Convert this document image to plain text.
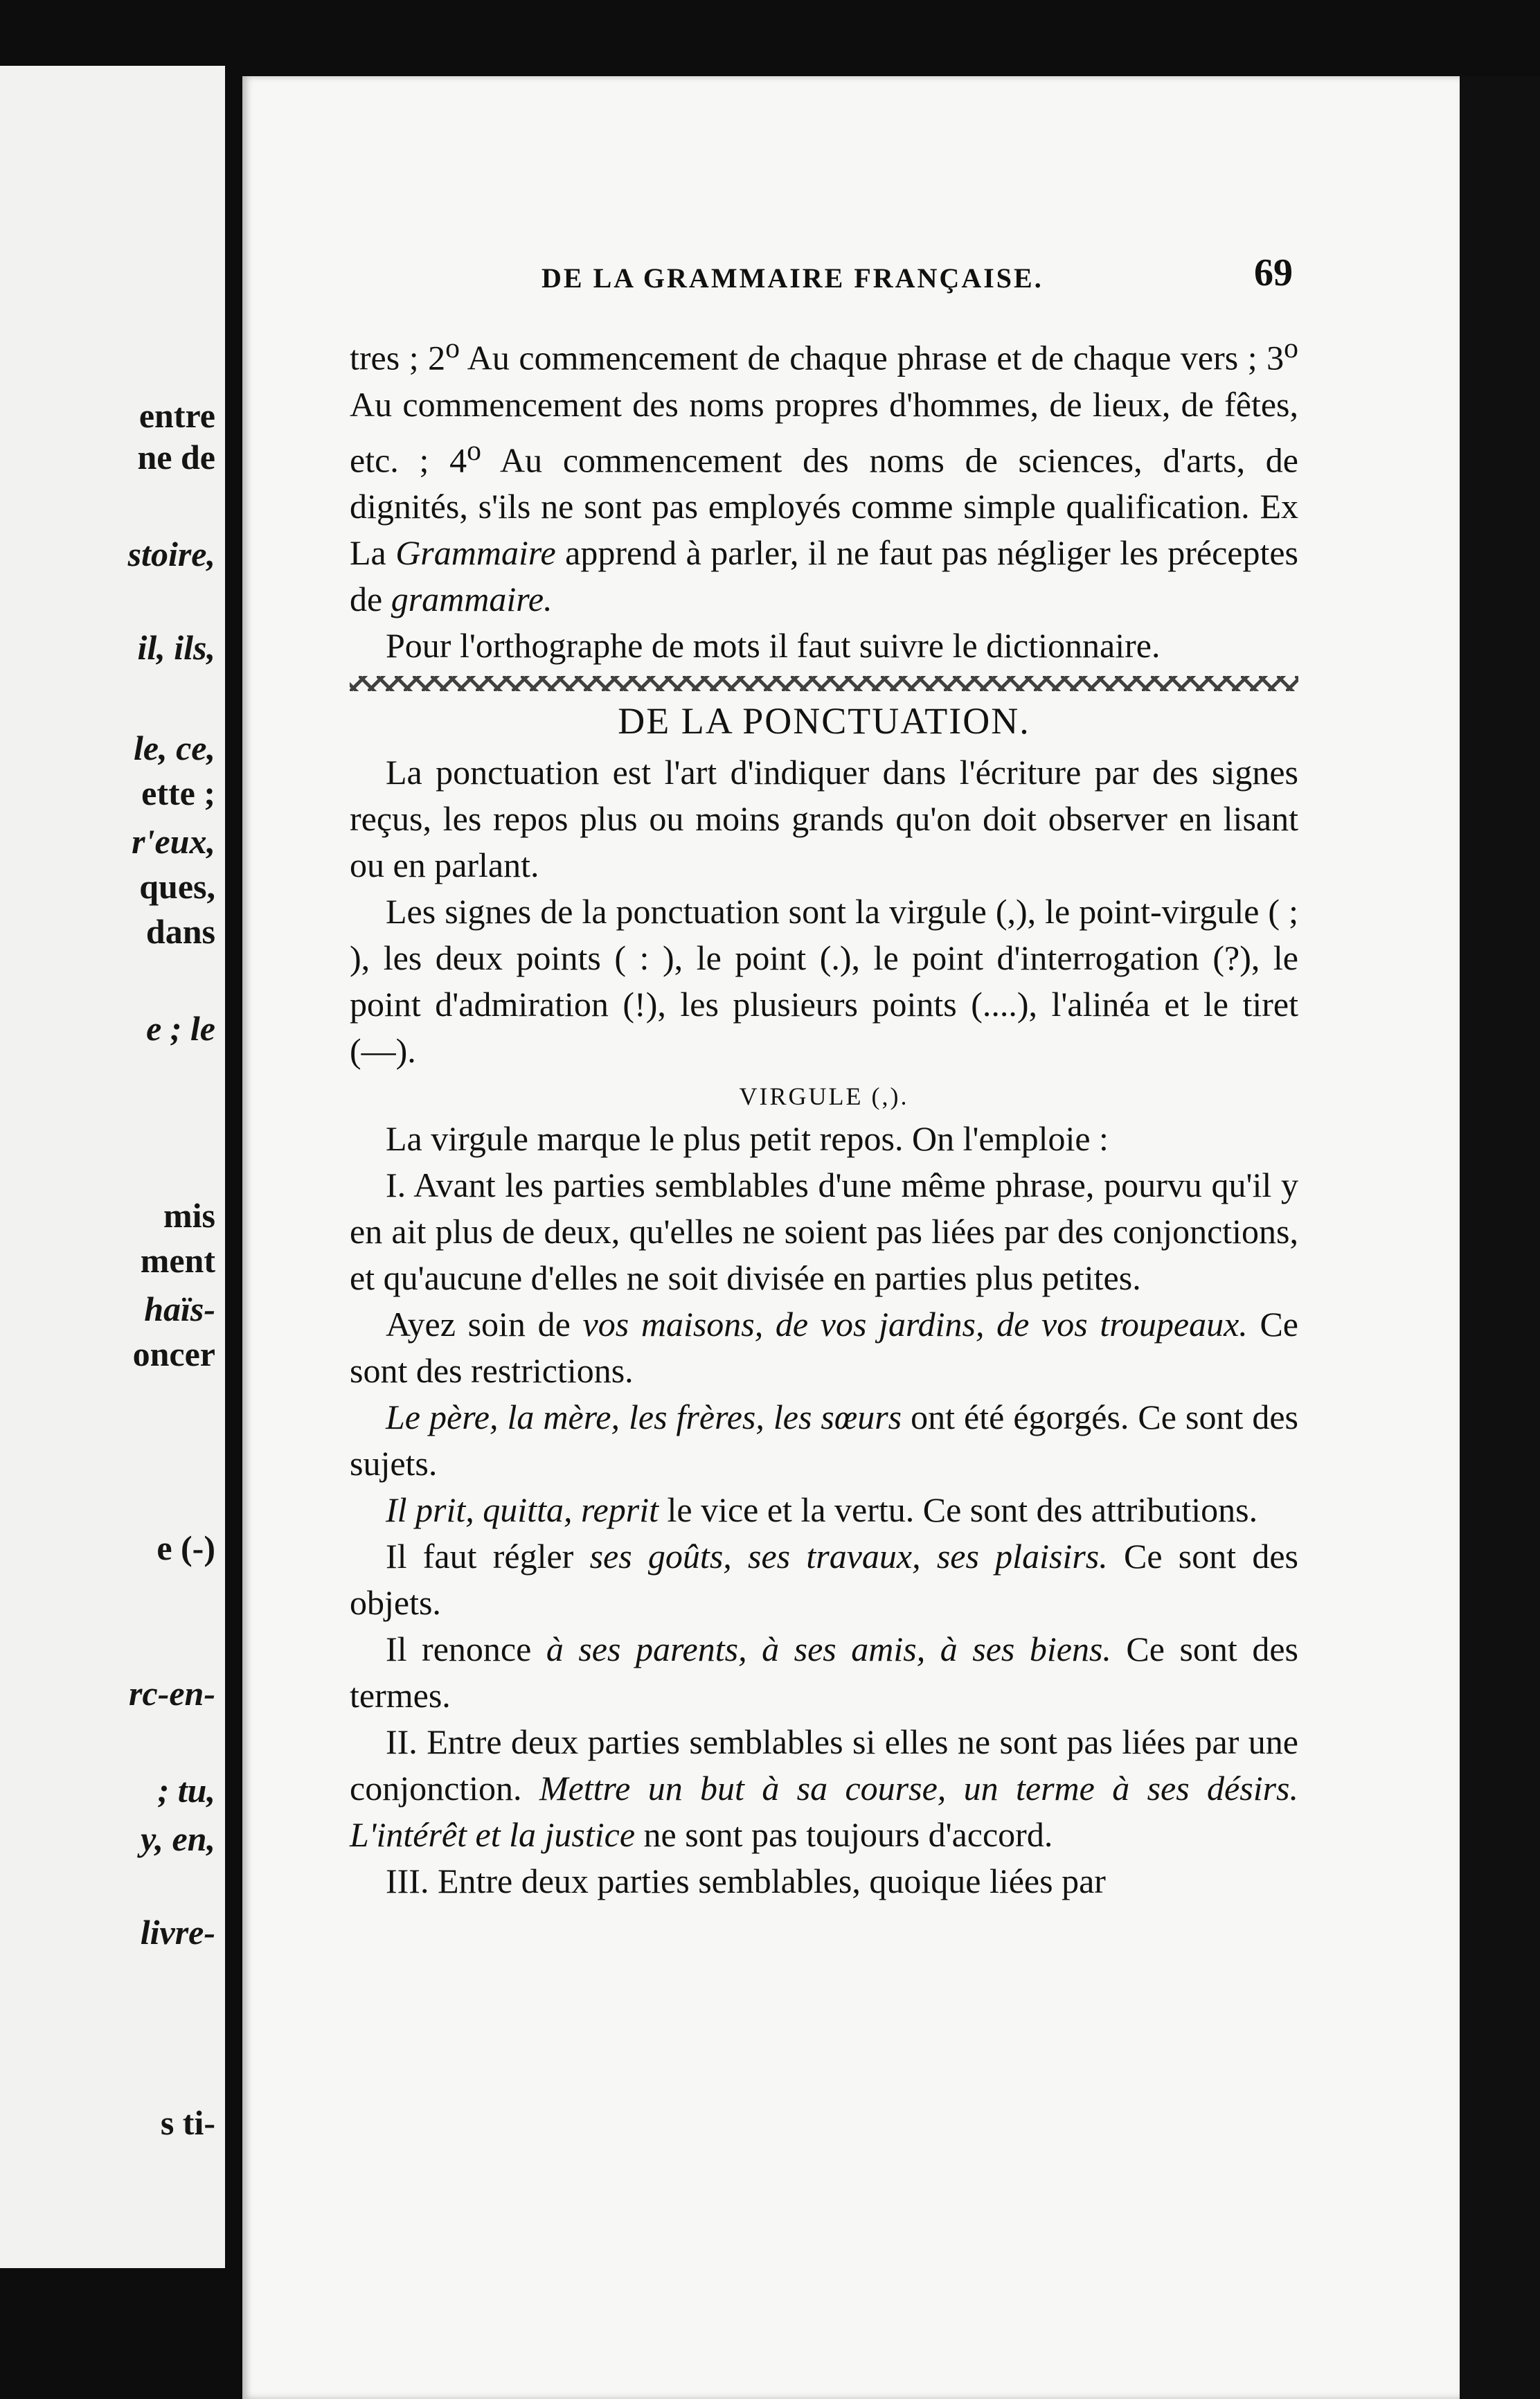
entre
ne de
stoire,
il, ils,
le, ce,
ette ;
r'eux,
ques,
dans
e ; le
mis
ment
haïs-
oncer
e (-)
rc-en-
; tu,
y, en,
livre-
s ti-
DE LA GRAMMAIRE FRANÇAISE.	69

tres ; 2$^o$ Au commencement de chaque phrase et de chaque vers ; 3$^o$ Au commencement des noms propres d'hommes, de lieux, de fêtes, etc. ; 4$^o$ Au commencement des noms de sciences, d'arts, de dignités, s'ils ne sont pas employés comme simple qualification. Ex La Grammaire apprend à parler, il ne faut pas négliger les préceptes de grammaire.

Pour l'orthographe de mots il faut suivre le dictionnaire.

DE LA PONCTUATION.

La ponctuation est l'art d'indiquer dans l'écriture par des signes reçus, les repos plus ou moins grands qu'on doit observer en lisant ou en parlant.

Les signes de la ponctuation sont la virgule (,), le point-virgule ( ; ), les deux points ( : ), le point (.), le point d'interrogation (?), le point d'admiration (!), les plusieurs points (....), l'alinéa et le tiret (—).

VIRGULE (,).

La virgule marque le plus petit repos. On l'emploie :

I. Avant les parties semblables d'une même phrase, pourvu qu'il y en ait plus de deux, qu'elles ne soient pas liées par des conjonctions, et qu'aucune d'elles ne soit divisée en parties plus petites.

Ayez soin de vos maisons, de vos jardins, de vos troupeaux. Ce sont des restrictions.

Le père, la mère, les frères, les sœurs ont été égorgés. Ce sont des sujets.

Il prit, quitta, reprit le vice et la vertu. Ce sont des attributions.

Il faut régler ses goûts, ses travaux, ses plaisirs. Ce sont des objets.

Il renonce à ses parents, à ses amis, à ses biens. Ce sont des termes.

II. Entre deux parties semblables si elles ne sont pas liées par une conjonction. Mettre un but à sa course, un terme à ses désirs. L'intérêt et la justice ne sont pas toujours d'accord.

III. Entre deux parties semblables, quoique liées par
